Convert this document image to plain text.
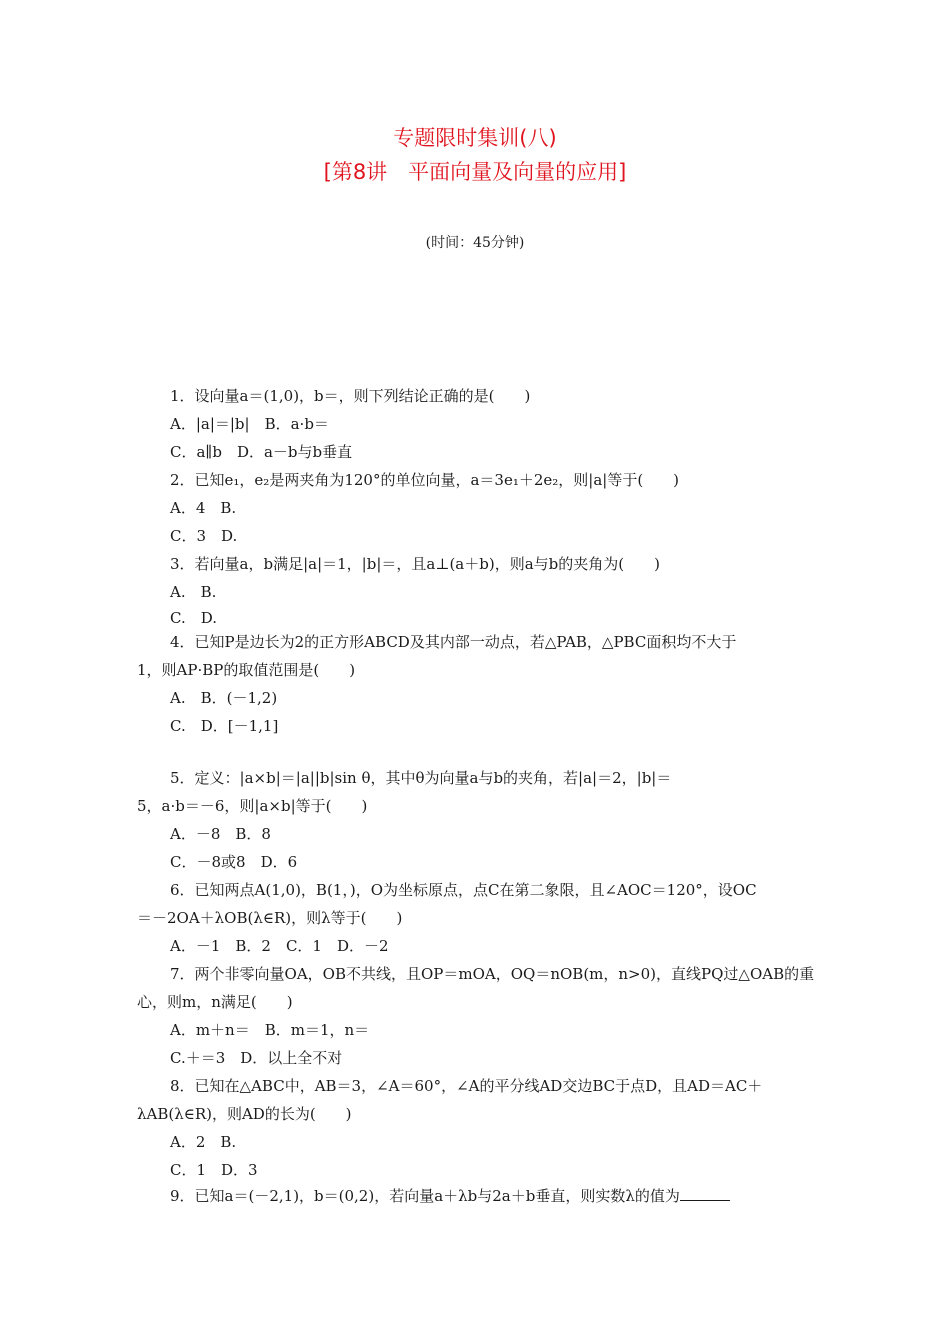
专题限时集训(八)
[第8讲　平面向量及向量的应用]
(时间：45分钟)
1．设向量a＝(1,0)，b＝，则下列结论正确的是(　　)
A．|a|＝|b|　B．a·b＝
C．a∥b　D．a－b与b垂直
2．已知e₁，e₂是两夹角为120°的单位向量，a＝3e₁＋2e₂，则|a|等于(　　)
A．4　B.
C．3　D.
3．若向量a，b满足|a|＝1，|b|＝，且a⊥(a＋b)，则a与b的夹角为(　　)
A.　B.
C.　D.
4．已知P是边长为2的正方形ABCD及其内部一动点，若△PAB，△PBC面积均不大于
1，则AP·BP的取值范围是(　　)
A.　B．(－1,2)
C.　D．[－1,1]
5．定义：|a×b|＝|a||b|sin θ，其中θ为向量a与b的夹角，若|a|＝2，|b|＝
5，a·b＝－6，则|a×b|等于(　　)
A．－8　B．8
C．－8或8　D．6
6．已知两点A(1,0)，B(1，)，O为坐标原点，点C在第二象限，且∠AOC＝120°，设OC
＝－2OA＋λOB(λ∈R)，则λ等于(　　)
A．－1　B．2　C．1　D．－2
7．两个非零向量OA，OB不共线，且OP＝mOA，OQ＝nOB(m，n>0)，直线PQ过△OAB的重
心，则m，n满足(　　)
A．m＋n＝　B．m＝1，n＝
C.＋＝3　D．以上全不对
8．已知在△ABC中，AB＝3，∠A＝60°，∠A的平分线AD交边BC于点D，且AD＝AC＋
λAB(λ∈R)，则AD的长为(　　)
A．2　B.
C．1　D．3
9．已知a＝(－2,1)，b＝(0,2)，若向量a＋λb与2a＋b垂直，则实数λ的值为
